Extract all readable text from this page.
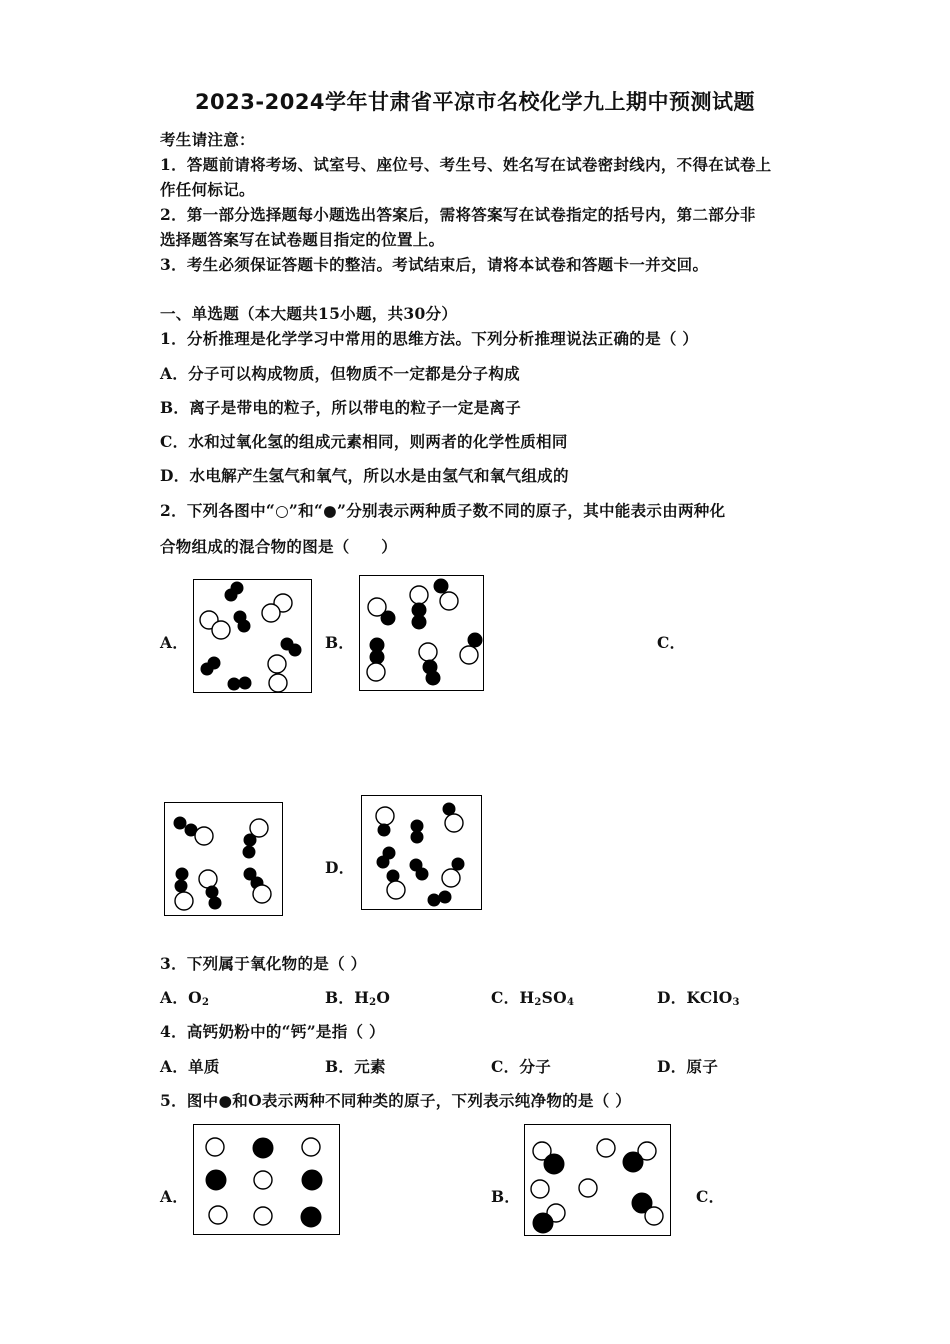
2023-2024学年甘肃省平凉市名校化学九上期中预测试题
考生请注意：
1．答题前请将考场、试室号、座位号、考生号、姓名写在试卷密封线内，不得在试卷上
作任何标记。
2．第一部分选择题每小题选出答案后，需将答案写在试卷指定的括号内，第二部分非
选择题答案写在试卷题目指定的位置上。
3．考生必须保证答题卡的整洁。考试结束后，请将本试卷和答题卡一并交回。
一、单选题（本大题共15小题，共30分）
1．分析推理是化学学习中常用的思维方法。下列分析推理说法正确的是（ ）
A．分子可以构成物质，但物质不一定都是分子构成
B．离子是带电的粒子，所以带电的粒子一定是离子
C．水和过氧化氢的组成元素相同，则两者的化学性质相同
D．水电解产生氢气和氧气，所以水是由氢气和氧气组成的
2．下列各图中“○”和“●”分别表示两种质子数不同的原子，其中能表示由两种化
合物组成的混合物的图是（　　）
A．	B．	C．
D．
3．下列属于氧化物的是（ ）
A．$O_2$	B．$H_2O$	C．$H_2SO_4$	D．KClO$_3$
4．高钙奶粉中的“钙”是指（ ）
A．单质	B．元素	C．分子	D．原子
5．图中●和O表示两种不同种类的原子，下列表示纯净物的是（ ）
A．	B．	C．
